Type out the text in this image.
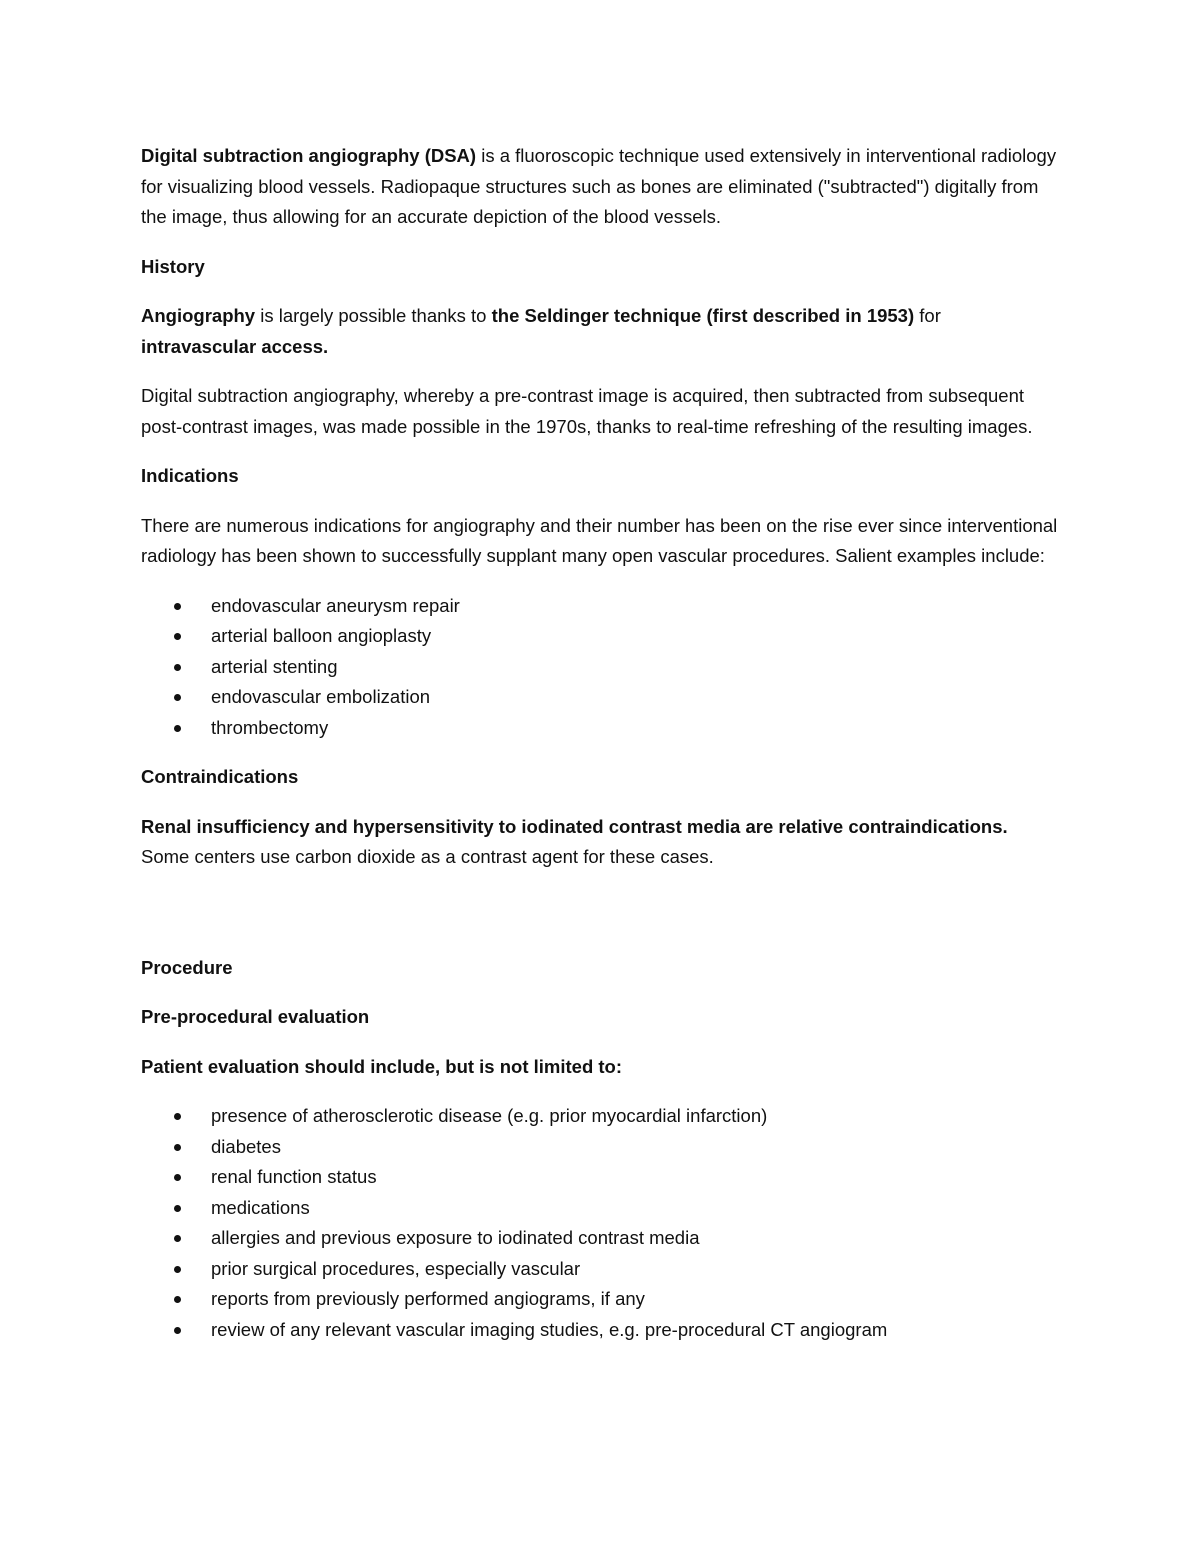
Digital subtraction angiography (DSA) is a fluoroscopic technique used extensively in interventional radiology for visualizing blood vessels. Radiopaque structures such as bones are eliminated ("subtracted") digitally from the image, thus allowing for an accurate depiction of the blood vessels.

History

Angiography is largely possible thanks to the Seldinger technique (first described in 1953) for intravascular access.

Digital subtraction angiography, whereby a pre-contrast image is acquired, then subtracted from subsequent post-contrast images, was made possible in the 1970s, thanks to real-time refreshing of the resulting images.

Indications

There are numerous indications for angiography and their number has been on the rise ever since interventional radiology has been shown to successfully supplant many open vascular procedures. Salient examples include:

endovascular aneurysm repair
arterial balloon angioplasty
arterial stenting
endovascular embolization
thrombectomy

Contraindications

Renal insufficiency and hypersensitivity to iodinated contrast media are relative contraindications. Some centers use carbon dioxide as a contrast agent for these cases.

Procedure

Pre-procedural evaluation

Patient evaluation should include, but is not limited to:

presence of atherosclerotic disease (e.g. prior myocardial infarction)
diabetes
renal function status
medications
allergies and previous exposure to iodinated contrast media
prior surgical procedures, especially vascular
reports from previously performed angiograms, if any
review of any relevant vascular imaging studies, e.g. pre-procedural CT angiogram
